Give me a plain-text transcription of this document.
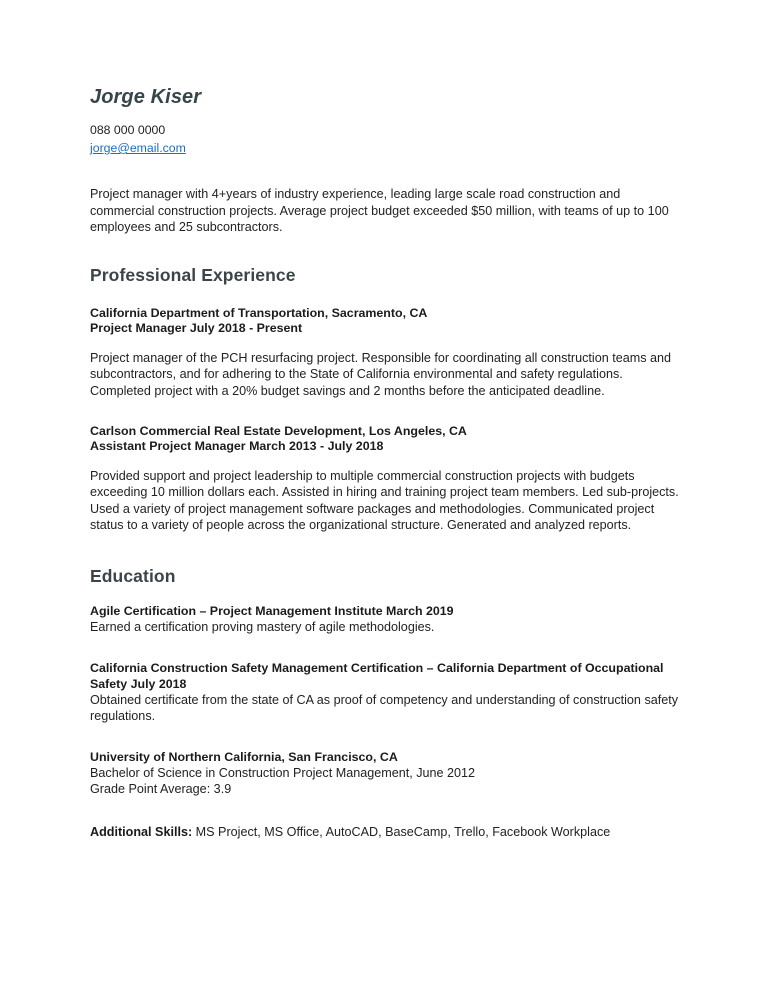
Jorge Kiser
088 000 0000
jorge@email.com

Project manager with 4+years of industry experience, leading large scale road construction and commercial construction projects. Average project budget exceeded $50 million, with teams of up to 100 employees and 25 subcontractors.

Professional Experience
California Department of Transportation, Sacramento, CA
Project Manager July 2018 - Present

Project manager of the PCH resurfacing project. Responsible for coordinating all construction teams and subcontractors, and for adhering to the State of California environmental and safety regulations. Completed project with a 20% budget savings and 2 months before the anticipated deadline.

Carlson Commercial Real Estate Development, Los Angeles, CA
Assistant Project Manager March 2013 - July 2018

Provided support and project leadership to multiple commercial construction projects with budgets exceeding 10 million dollars each. Assisted in hiring and training project team members. Led sub-projects. Used a variety of project management software packages and methodologies. Communicated project status to a variety of people across the organizational structure. Generated and analyzed reports.

Education
Agile Certification – Project Management Institute March 2019
Earned a certification proving mastery of agile methodologies.
California Construction Safety Management Certification – California Department of Occupational Safety July 2018
Obtained certificate from the state of CA as proof of competency and understanding of construction safety regulations.
University of Northern California, San Francisco, CA
Bachelor of Science in Construction Project Management, June 2012
Grade Point Average: 3.9

Additional Skills: MS Project, MS Office, AutoCAD, BaseCamp, Trello, Facebook Workplace
